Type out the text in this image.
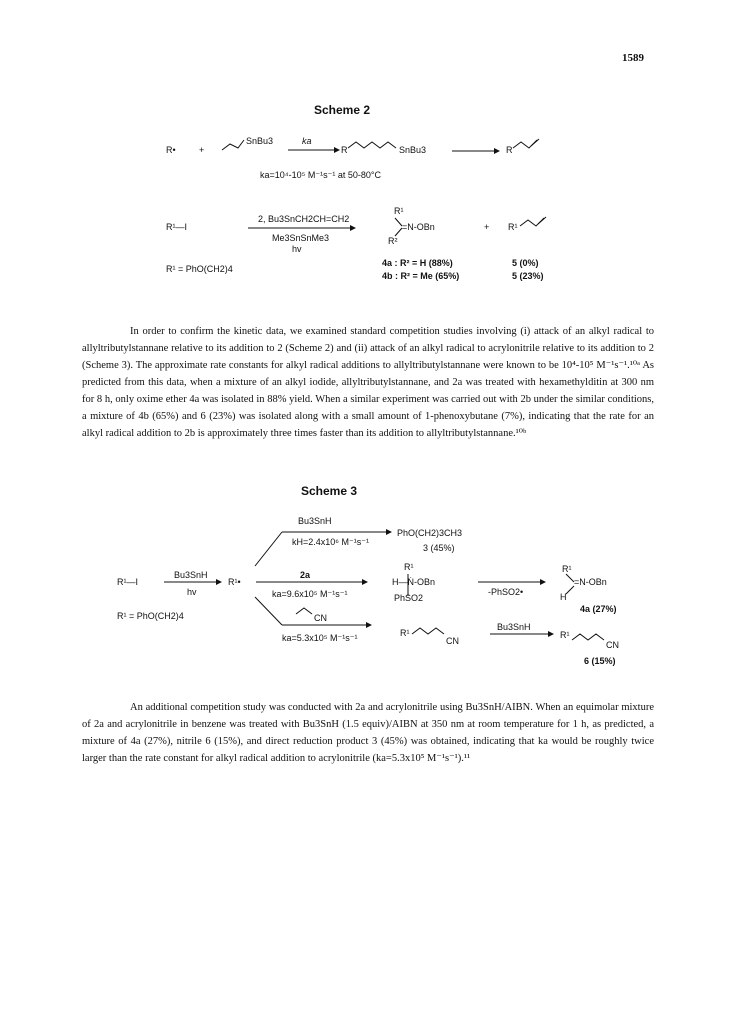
1589
Scheme 2
R•	+
SnBu3	ka
R	SnBu3	R
ka=10⁴-10⁵ M⁻¹s⁻¹ at 50-80°C
R¹—I
2, Bu3SnCH2CH=CH2
Me3SnSnMe3
hv
R¹
=N-OBn
R²
+ R¹
R¹ = PhO(CH2)4
4a : R² = H (88%)
4b : R² = Me (65%)
5 (0%)
5 (23%)

In order to confirm the kinetic data, we examined standard competition studies involving (i) attack of an alkyl radical to allyltributylstannane relative to its addition to 2 (Scheme 2) and (ii) attack of an alkyl radical to acrylonitrile relative to its addition to 2 (Scheme 3). The approximate rate constants for alkyl radical additions to allyltributylstannane were known to be 10⁴-10⁵ M⁻¹s⁻¹.¹⁰ᵃ As predicted from this data, when a mixture of an alkyl iodide, allyltributylstannane, and 2a was treated with hexamethylditin at 300 nm for 8 h, only oxime ether 4a was isolated in 88% yield. When a similar experiment was carried out with 2b under the similar conditions, a mixture of 4b (65%) and 6 (23%) was isolated along with a small amount of 1-phenoxybutane (7%), indicating that the rate for an alkyl radical addition to 2b is approximately three times faster than its addition to allyltributylstannane.¹⁰ᵇ

Scheme 3
Bu3SnH
kH=2.4x10⁶ M⁻¹s⁻¹
PhO(CH2)3CH3
3 (45%)
R¹—I
Bu3SnH
hv
R¹•
2a
ka=9.6x10⁵ M⁻¹s⁻¹
R¹
H—Ṅ-OBn
PhSO2
-PhSO2•
R¹
=N-OBn
H
4a (27%)
R¹ = PhO(CH2)4	CN
ka=5.3x10⁵ M⁻¹s⁻¹	R¹
CN
Bu3SnH
R¹
CN
6 (15%)

An additional competition study was conducted with 2a and acrylonitrile using Bu3SnH/AIBN. When an equimolar mixture of 2a and acrylonitrile in benzene was treated with Bu3SnH (1.5 equiv)/AIBN at 350 nm at room temperature for 1 h, as predicted, a mixture of 4a (27%), nitrile 6 (15%), and direct reduction product 3 (45%) was obtained, indicating that ka would be roughly twice larger than the rate constant for alkyl radical addition to acrylonitrile (ka=5.3x10⁵ M⁻¹s⁻¹).¹¹
